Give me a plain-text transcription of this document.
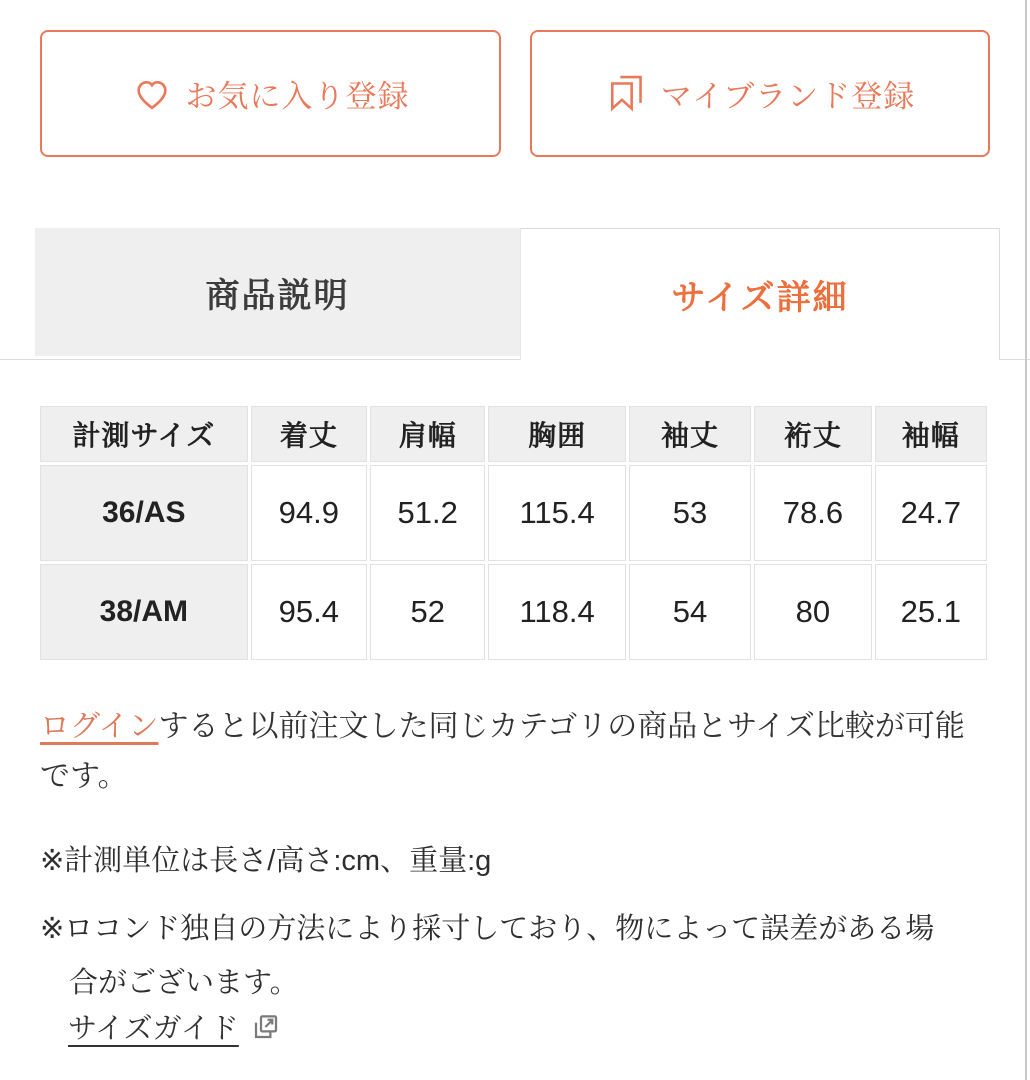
お気に入り登録	マイブランド登録
商品説明	サイズ詳細
計測サイズ	着丈	肩幅	胸囲	袖丈	裄丈	袖幅
36/AS	94.9	51.2	115.4	53	78.6	24.7
38/AM	95.4	52	118.4	54	80	25.1

ログインすると以前注文した同じカテゴリの商品とサイズ比較が可能です。

※計測単位は長さ/高さ:cm、重量:g

※ロコンド独自の方法により採寸しており、物によって誤差がある場合がございます。

サイズガイド
